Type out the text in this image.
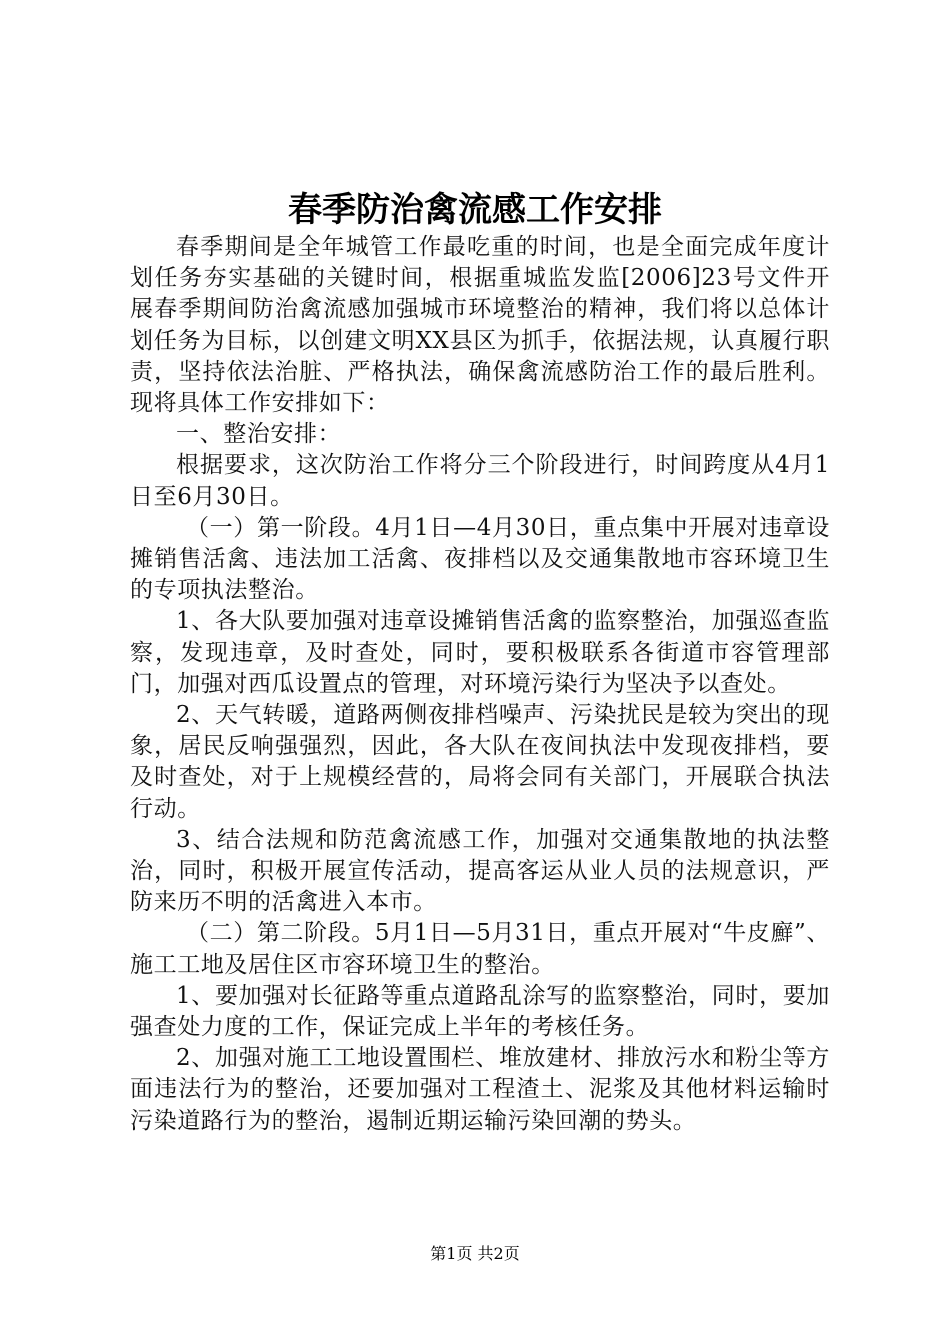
春季防治禽流感工作安排

春季期间是全年城管工作最吃重的时间，也是全面完成年度计划任务夯实基础的关键时间，根据重城监发监[2006]23号文件开展春季期间防治禽流感加强城市环境整治的精神，我们将以总体计划任务为目标，以创建文明XX县区为抓手，依据法规，认真履行职责，坚持依法治脏、严格执法，确保禽流感防治工作的最后胜利。现将具体工作安排如下：

一、整治安排：

根据要求，这次防治工作将分三个阶段进行，时间跨度从4月1日至6月30日。

（一）第一阶段。4月1日—4月30日，重点集中开展对违章设摊销售活禽、违法加工活禽、夜排档以及交通集散地市容环境卫生的专项执法整治。

1、各大队要加强对违章设摊销售活禽的监察整治，加强巡查监察，发现违章，及时查处，同时，要积极联系各街道市容管理部门，加强对西瓜设置点的管理，对环境污染行为坚决予以查处。

2、天气转暖，道路两侧夜排档噪声、污染扰民是较为突出的现象，居民反响强强烈，因此，各大队在夜间执法中发现夜排档，要及时查处，对于上规模经营的，局将会同有关部门，开展联合执法行动。

3、结合法规和防范禽流感工作，加强对交通集散地的执法整治，同时，积极开展宣传活动，提高客运从业人员的法规意识，严防来历不明的活禽进入本市。

（二）第二阶段。5月1日—5月31日，重点开展对“牛皮廯”、施工工地及居住区市容环境卫生的整治。

1、要加强对长征路等重点道路乱涂写的监察整治，同时，要加强查处力度的工作，保证完成上半年的考核任务。

2、加强对施工工地设置围栏、堆放建材、排放污水和粉尘等方面违法行为的整治，还要加强对工程渣土、泥浆及其他材料运输时污染道路行为的整治，遏制近期运输污染回潮的势头。

第1页 共2页
